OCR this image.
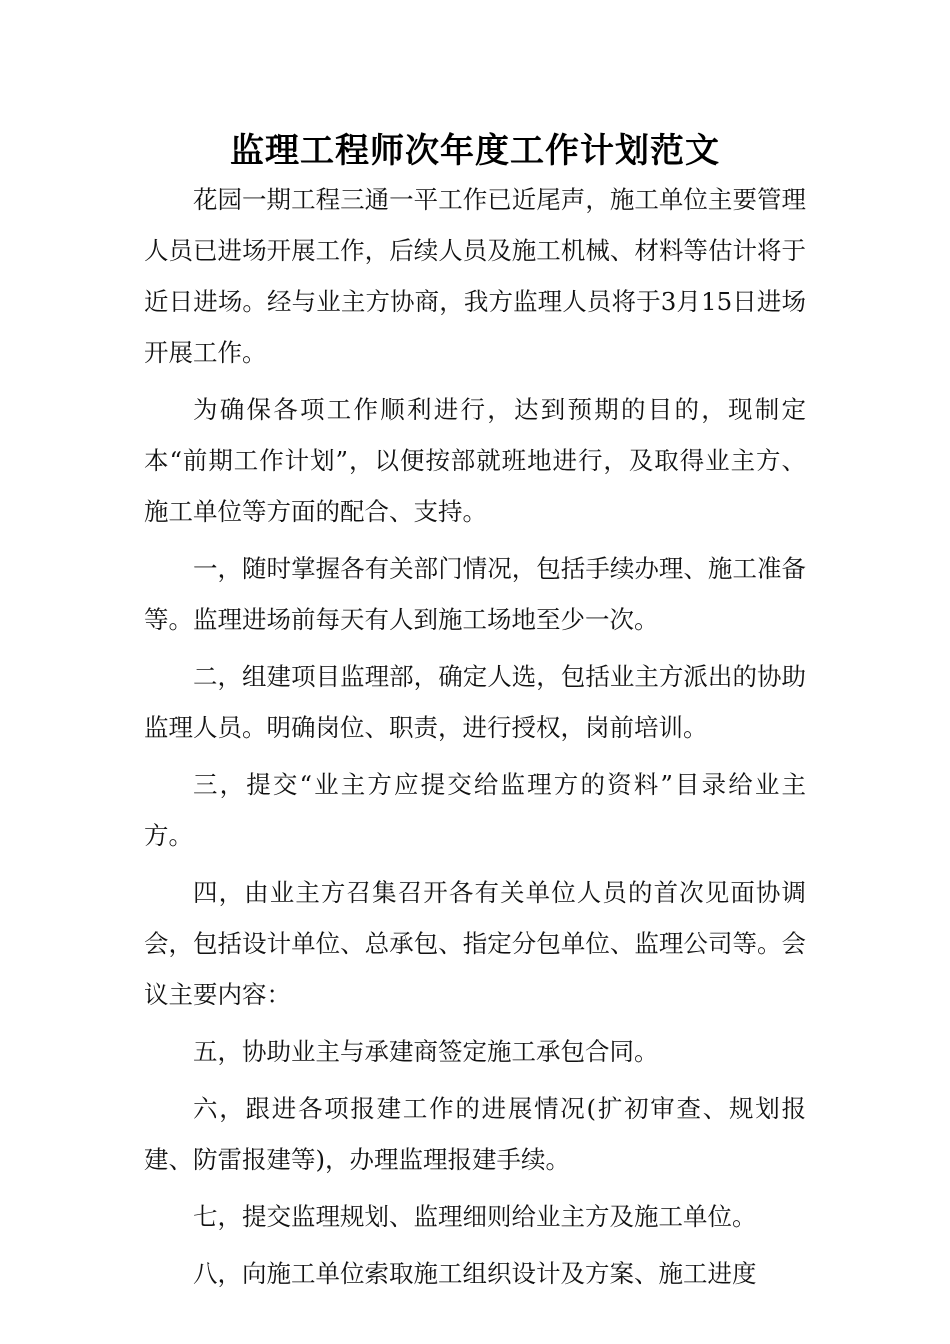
监理工程师次年度工作计划范文

花园一期工程三通一平工作已近尾声，施工单位主要管理人员已进场开展工作，后续人员及施工机械、材料等估计将于近日进场。经与业主方协商，我方监理人员将于3月15日进场开展工作。

为确保各项工作顺利进行，达到预期的目的，现制定本“前期工作计划”，以便按部就班地进行，及取得业主方、施工单位等方面的配合、支持。

一，随时掌握各有关部门情况，包括手续办理、施工准备等。监理进场前每天有人到施工场地至少一次。

二，组建项目监理部，确定人选，包括业主方派出的协助监理人员。明确岗位、职责，进行授权，岗前培训。

三，提交“业主方应提交给监理方的资料”目录给业主方。

四，由业主方召集召开各有关单位人员的首次见面协调会，包括设计单位、总承包、指定分包单位、监理公司等。会议主要内容：

五，协助业主与承建商签定施工承包合同。

六，跟进各项报建工作的进展情况(扩初审查、规划报建、防雷报建等)，办理监理报建手续。

七，提交监理规划、监理细则给业主方及施工单位。

八，向施工单位索取施工组织设计及方案、施工进度
